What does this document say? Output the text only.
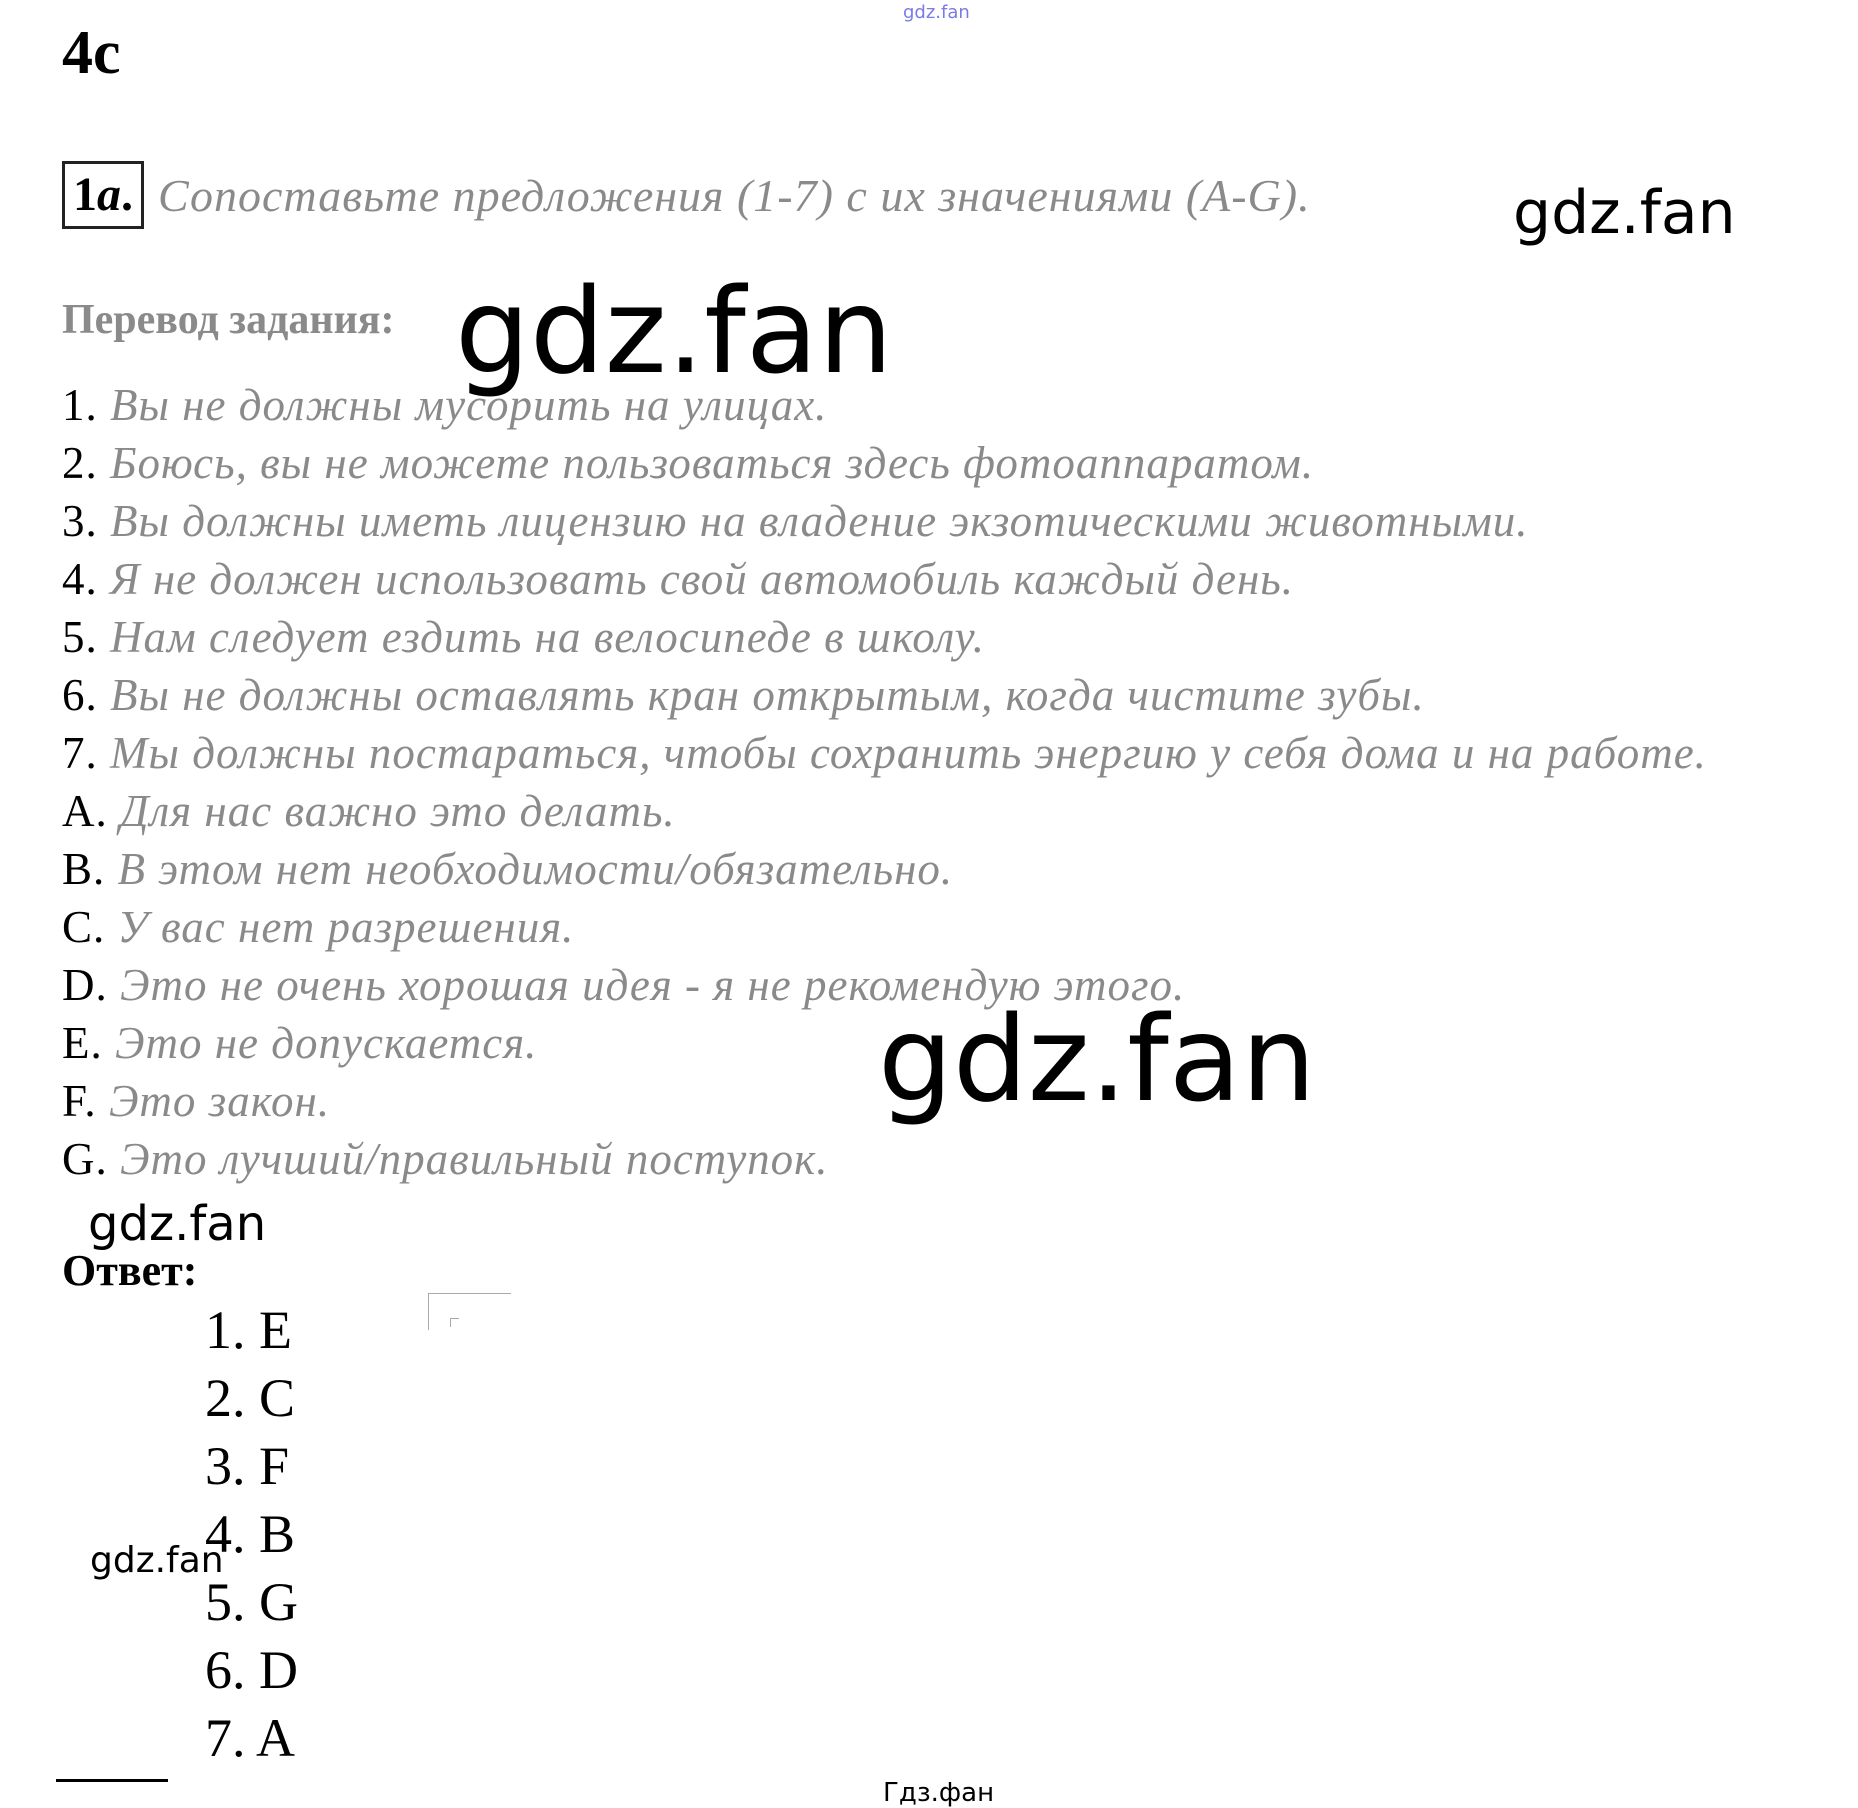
4c
1a. Сопоставьте предложения (1-7) с их значениями (A-G).
Перевод задания:
1. Вы не должны мусорить на улицах.
2. Боюсь, вы не можете пользоваться здесь фотоаппаратом.
3. Вы должны иметь лицензию на владение экзотическими животными.
4. Я не должен использовать свой автомобиль каждый день.
5. Нам следует ездить на велосипеде в школу.
6. Вы не должны оставлять кран открытым, когда чистите зубы.
7. Мы должны постараться, чтобы сохранить энергию у себя дома и на работе.
A. Для нас важно это делать.
B. В этом нет необходимости/обязательно.
C. У вас нет разрешения.
D. Это не очень хорошая идея - я не рекомендую этого.
E. Это не допускается.
F. Это закон.
G. Это лучший/правильный поступок.
Ответ:
1. E
2. C
3. F
4. B
5. G
6. D
7. A
gdz.fan
gdz.fan
gdz.fan
gdz.fan
gdz.fan
gdz.fan
Гдз.фан
